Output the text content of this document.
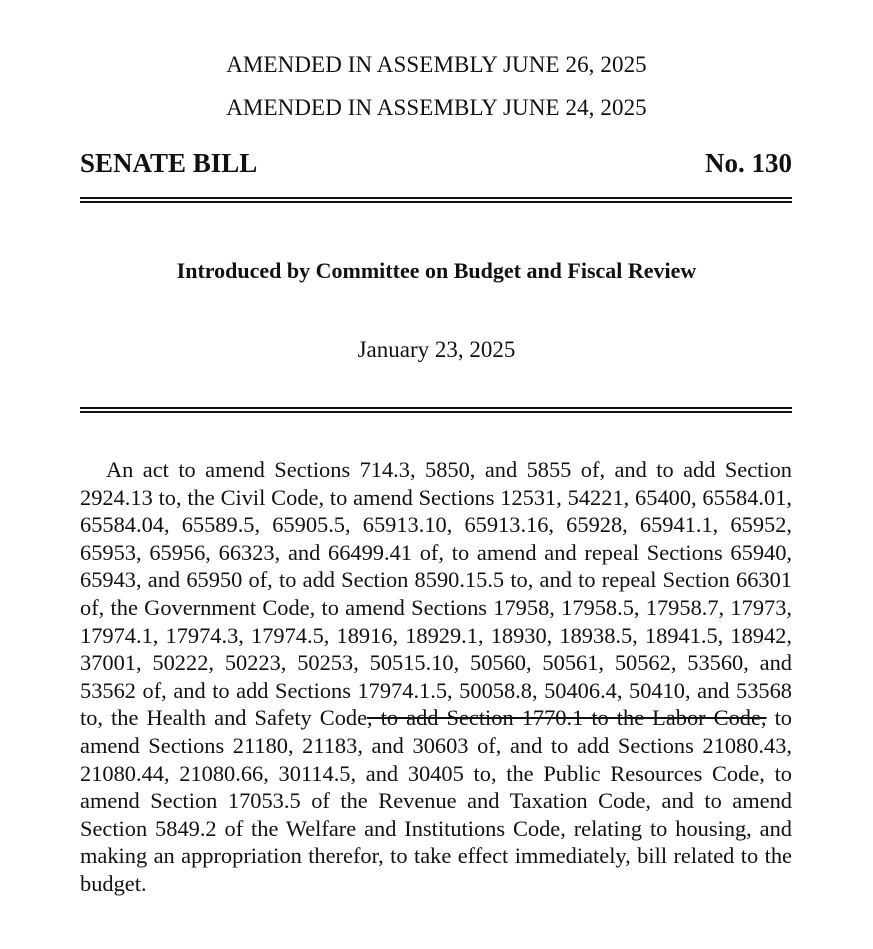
AMENDED IN ASSEMBLY JUNE 26, 2025
AMENDED IN ASSEMBLY JUNE 24, 2025
SENATE BILL	No. 130
Introduced by Committee on Budget and Fiscal Review
January 23, 2025

An act to amend Sections 714.3, 5850, and 5855 of, and to add Section 2924.13 to, the Civil Code, to amend Sections 12531, 54221, 65400, 65584.01, 65584.04, 65589.5, 65905.5, 65913.10, 65913.16, 65928, 65941.1, 65952, 65953, 65956, 66323, and 66499.41 of, to amend and repeal Sections 65940, 65943, and 65950 of, to add Section 8590.15.5 to, and to repeal Section 66301 of, the Government Code, to amend Sections 17958, 17958.5, 17958.7, 17973, 17974.1, 17974.3, 17974.5, 18916, 18929.1, 18930, 18938.5, 18941.5, 18942, 37001, 50222, 50223, 50253, 50515.10, 50560, 50561, 50562, 53560, and 53562 of, and to add Sections 17974.1.5, 50058.8, 50406.4, 50410, and 53568 to, the Health and Safety Code, to add Section 1770.1 to the Labor Code, to amend Sections 21180, 21183, and 30603 of, and to add Sections 21080.43, 21080.44, 21080.66, 30114.5, and 30405 to, the Public Resources Code, to amend Section 17053.5 of the Revenue and Taxation Code, and to amend Section 5849.2 of the Welfare and Institutions Code, relating to housing, and making an appropriation therefor, to take effect immediately, bill related to the budget.
